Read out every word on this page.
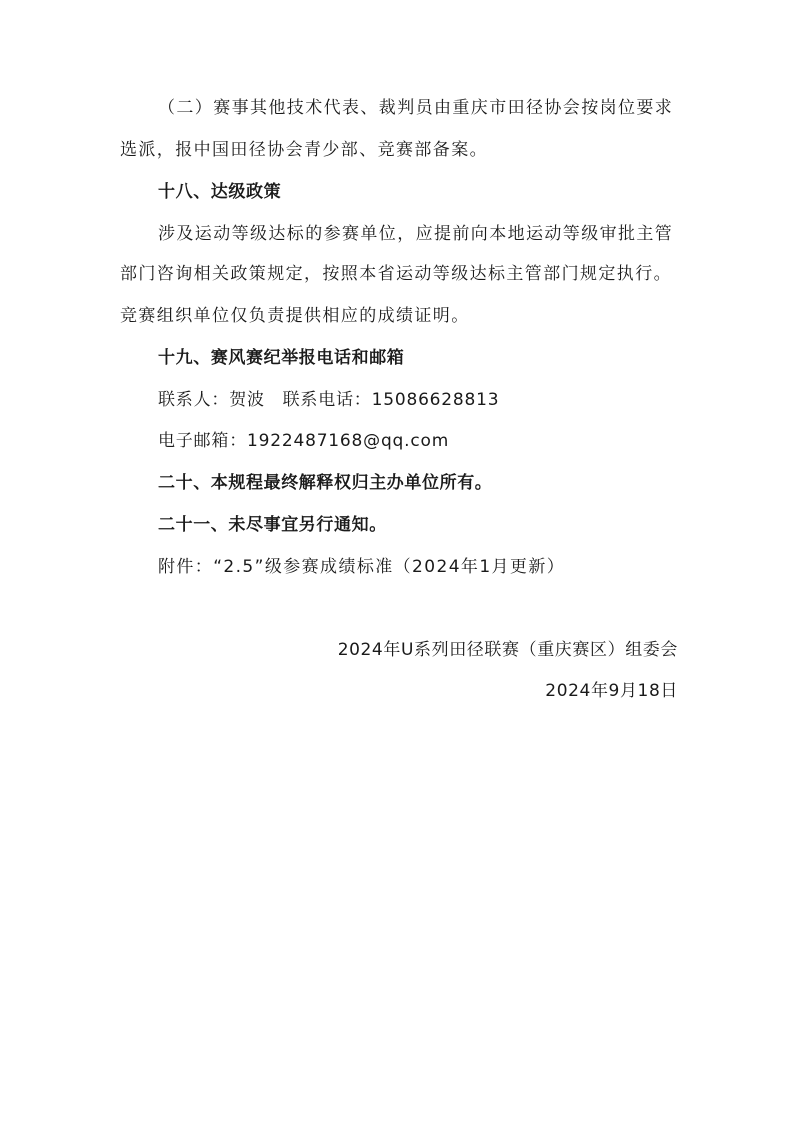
（二）赛事其他技术代表、裁判员由重庆市田径协会按岗位要求
选派，报中国田径协会青少部、竞赛部备案。
十八、达级政策
涉及运动等级达标的参赛单位，应提前向本地运动等级审批主管
部门咨询相关政策规定，按照本省运动等级达标主管部门规定执行。
竞赛组织单位仅负责提供相应的成绩证明。
十九、赛风赛纪举报电话和邮箱
联系人：贺波　联系电话：15086628813
电子邮箱：1922487168@qq.com
二十、本规程最终解释权归主办单位所有。
二十一、未尽事宜另行通知。
附件：“2.5”级参赛成绩标准（2024年1月更新）
2024年U系列田径联赛（重庆赛区）组委会
2024年9月18日
